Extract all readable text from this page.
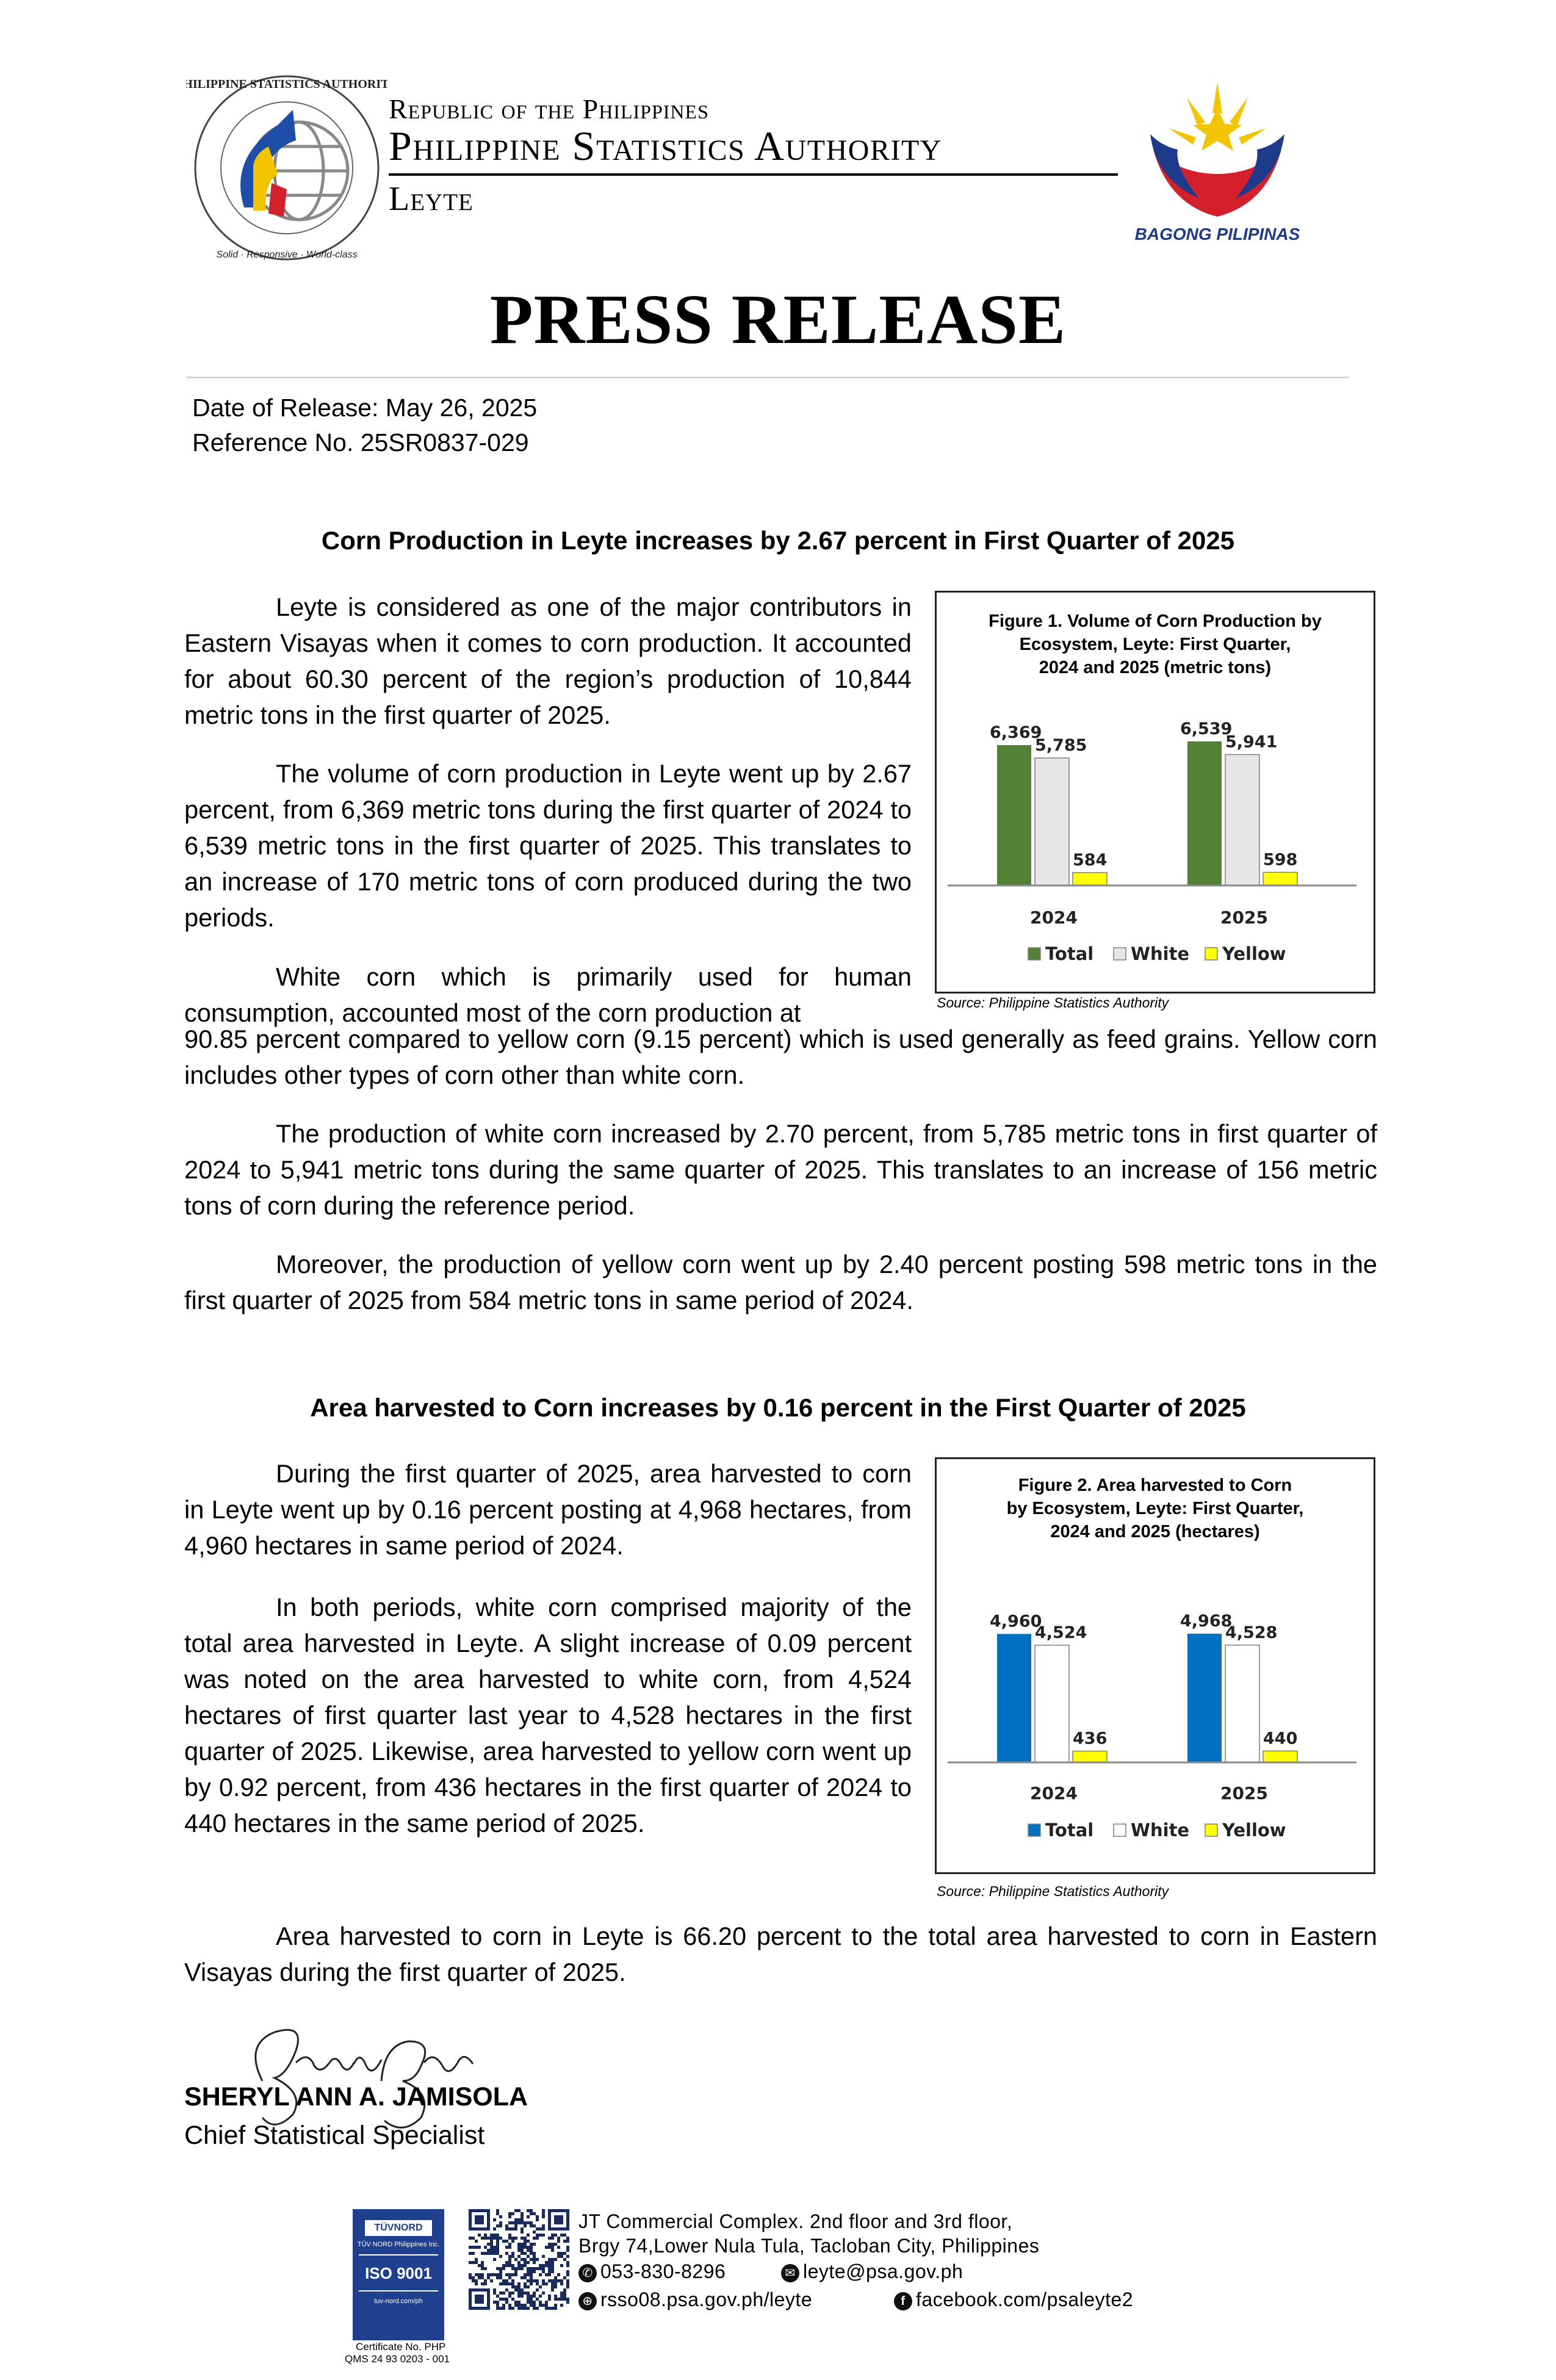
PHILIPPINE STATISTICS AUTHORITY
Solid · Responsive · World-class
Republic of the Philippines
Philippine Statistics Authority
Leyte
BAGONG PILIPINAS
PRESS RELEASE
Date of Release: May 26, 2025
Reference No. 25SR0837-029
Corn Production in Leyte increases by 2.67 percent in First Quarter of 2025

Leyte is considered as one of the major contributors in Eastern Visayas when it comes to corn production. It accounted for about 60.30 percent of the region’s production of 10,844 metric tons in the first quarter of 2025.

The volume of corn production in Leyte went up by 2.67 percent, from 6,369 metric tons during the first quarter of 2024 to 6,539 metric tons in the first quarter of 2025. This translates to an increase of 170 metric tons of corn produced during the two periods.

White corn which is primarily used for human consumption, accounted most of the corn production at

90.85 percent compared to yellow corn (9.15 percent) which is used generally as feed grains. Yellow corn includes other types of corn other than white corn.

The production of white corn increased by 2.70 percent, from 5,785 metric tons in first quarter of 2024 to 5,941 metric tons during the same quarter of 2025. This translates to an increase of 156 metric tons of corn during the reference period.

Moreover, the production of yellow corn went up by 2.40 percent posting 598 metric tons in the first quarter of 2025 from 584 metric tons in same period of 2024.

Figure 1. Volume of Corn Production by
Ecosystem, Leyte: First Quarter,
2024 and 2025 (metric tons)
6,369
5,785
584
2024
6,539
5,941
598
2025
Total White Yellow
Source: Philippine Statistics Authority
Area harvested to Corn increases by 0.16 percent in the First Quarter of 2025

During the first quarter of 2025, area harvested to corn in Leyte went up by 0.16 percent posting at 4,968 hectares, from 4,960 hectares in same period of 2024.

In both periods, white corn comprised majority of the total area harvested in Leyte. A slight increase of 0.09 percent was noted on the area harvested to white corn, from 4,524 hectares of first quarter last year to 4,528 hectares in the first quarter of 2025. Likewise, area harvested to yellow corn went up by 0.92 percent, from 436 hectares in the first quarter of 2024 to 440 hectares in the same period of 2025.

Area harvested to corn in Leyte is 66.20 percent to the total area harvested to corn in Eastern Visayas during the first quarter of 2025.

Figure 2. Area harvested to Corn
by Ecosystem, Leyte: First Quarter,
2024 and 2025 (hectares)
4,960
4,524
436
2024
4,968
4,528
440
2025
Total White Yellow
Source: Philippine Statistics Authority
SHERYL ANN A. JAMISOLA
Chief Statistical Specialist
TÜVNORD
TÜV NORD Philippines Inc.
ISO 9001
tuv-nord.com/ph
Certificate No. PHP
QMS 24 93 0203 - 001
JT Commercial Complex. 2nd floor and 3rd floor,
Brgy 74,Lower Nula Tula, Tacloban City, Philippines
✆ 053-830-8296	✉ leyte@psa.gov.ph
⊕ rsso08.psa.gov.ph/leyte	f facebook.com/psaleyte2
